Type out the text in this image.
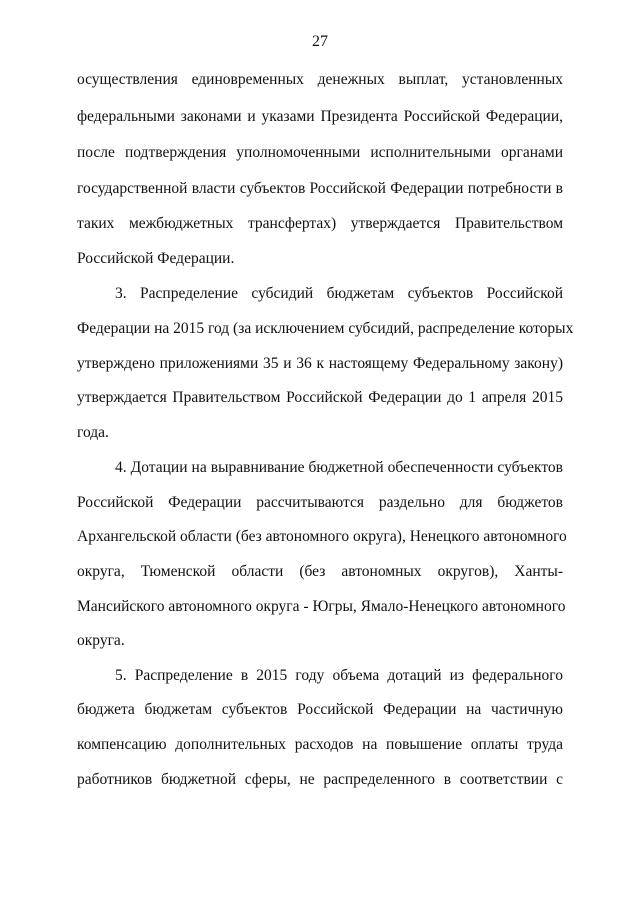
27
осуществления единовременных денежных выплат, установленных
федеральными законами и указами Президента Российской Федерации,
после подтверждения уполномоченными исполнительными органами
государственной власти субъектов Российской Федерации потребности в
таких межбюджетных трансфертах) утверждается Правительством
Российской Федерации.
3. Распределение субсидий бюджетам субъектов Российской
Федерации на 2015 год (за исключением субсидий, распределение которых
утверждено приложениями 35 и 36 к настоящему Федеральному закону)
утверждается Правительством Российской Федерации до 1 апреля 2015
года.
4. Дотации на выравнивание бюджетной обеспеченности субъектов
Российской Федерации рассчитываются раздельно для бюджетов
Архангельской области (без автономного округа), Ненецкого автономного
округа, Тюменской области (без автономных округов), Ханты-
Мансийского автономного округа - Югры, Ямало-Ненецкого автономного
округа.
5. Распределение в 2015 году объема дотаций из федерального
бюджета бюджетам субъектов Российской Федерации на частичную
компенсацию дополнительных расходов на повышение оплаты труда
работников бюджетной сферы, не распределенного в соответствии с
